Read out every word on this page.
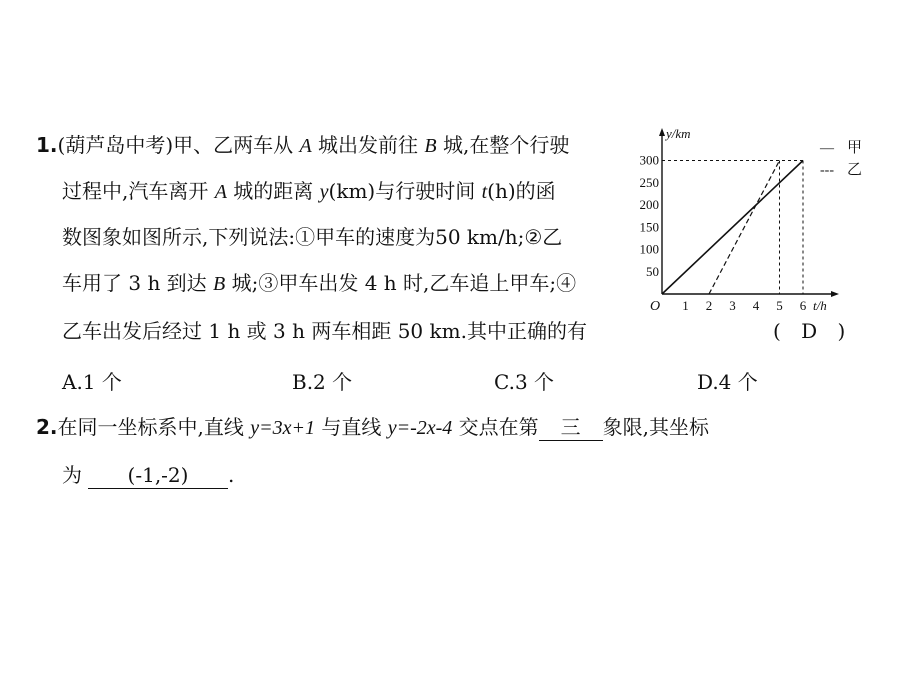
1.(葫芦岛中考)甲、乙两车从 A 城出发前往 B 城,在整个行驶
过程中,汽车离开 A 城的距离 y(km)与行驶时间 t(h)的函
数图象如图所示,下列说法:①甲车的速度为50 km/h;②乙
车用了 3 h 到达 B 城;③甲车出发 4 h 时,乙车追上甲车;④
乙车出发后经过 1 h 或 3 h 两车相距 50 km.其中正确的有	( D )
A.1 个	B.2 个	C.3 个	D.4 个
y/km
t/h
O 1 2 3 4 5 6
50
100
150
200
250
300
— 甲
--- 乙
2.在同一坐标系中,直线 y=3x+1 与直线 y=-2x-4 交点在第 三 象限,其坐标
为 (-1,-2) .
